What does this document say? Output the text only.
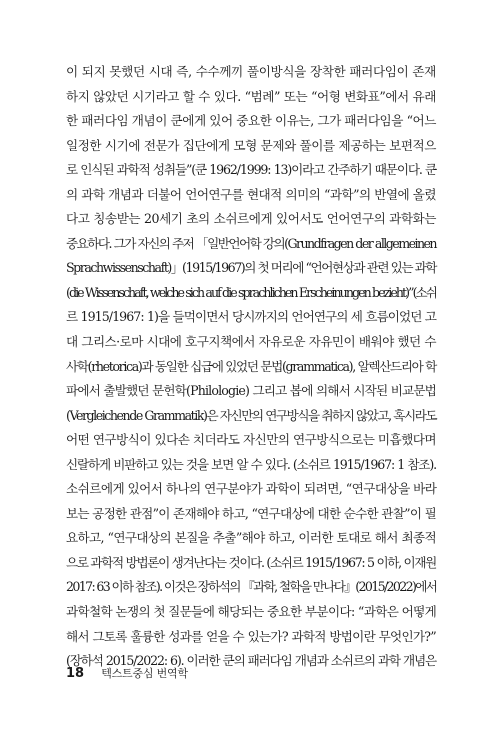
이 되지 못했던 시대 즉, 수수께끼 풀이방식을 장착한 패러다임이 존재
하지 않았던 시기라고 할 수 있다. “범례” 또는 “어형 변화표”에서 유래
한 패러다임 개념이 쿤에게 있어 중요한 이유는, 그가 패러다임을 “어느
일정한 시기에 전문가 집단에게 모형 문제와 풀이를 제공하는 보편적으
로 인식된 과학적 성취들”(쿤 1962/1999: 13)이라고 간주하기 때문이다. 쿤
의 과학 개념과 더불어 언어연구를 현대적 의미의 “과학”의 반열에 올렸
다고 칭송받는 20세기 초의 소쉬르에게 있어서도 언어연구의 과학화는
중요하다. 그가 자신의 주저 「일반언어학 강의(Grundfragen der allgemeinen
Sprachwissenschaft)」(1915/1967)의 첫 머리에 “언어현상과 관련 있는 과학
(die Wissenschaft, welche sich auf die sprachlichen Erscheinungen bezieht)”(소쉬
르 1915/1967: 1)을 들먹이면서 당시까지의 언어연구의 세 흐름이었던 고
대 그리스·로마 시대에 호구지책에서 자유로운 자유민이 배워야 했던 수
사학(rhetorica)과 동일한 십급에 있었던 문법(grammatica), 알렉산드리아 학
파에서 출발했던 문헌학(Philologie) 그리고 봅에 의해서 시작된 비교문법
(Vergleichende Grammatik)은 자신만의 연구방식을 취하지 않았고, 혹시라도
어떤 연구방식이 있다손 치더라도 자신만의 연구방식으로는 미흡했다며
신랄하게 비판하고 있는 것을 보면 알 수 있다. (소쉬르 1915/1967: 1 참조).
소쉬르에게 있어서 하나의 연구분야가 과학이 되려면, “연구대상을 바라
보는 공정한 관점”이 존재해야 하고, “연구대상에 대한 순수한 관찰”이 필
요하고, “연구대상의 본질을 추출”해야 하고, 이러한 토대로 해서 최종적
으로 과학적 방법론이 생겨난다는 것이다. (소쉬르 1915/1967: 5 이하, 이재원
2017: 63 이하 참조). 이것은 장하석의 『과학, 철학을 만나다』(2015/2022)에서
과학철학 논쟁의 첫 질문들에 해당되는 중요한 부분이다: “과학은 어떻게
해서 그토록 훌륭한 성과를 얻을 수 있는가? 과학적 방법이란 무엇인가?”
(장하석 2015/2022: 6). 이러한 쿤의 패러다임 개념과 소쉬르의 과학 개념은
18 텍스트중심 번역학
